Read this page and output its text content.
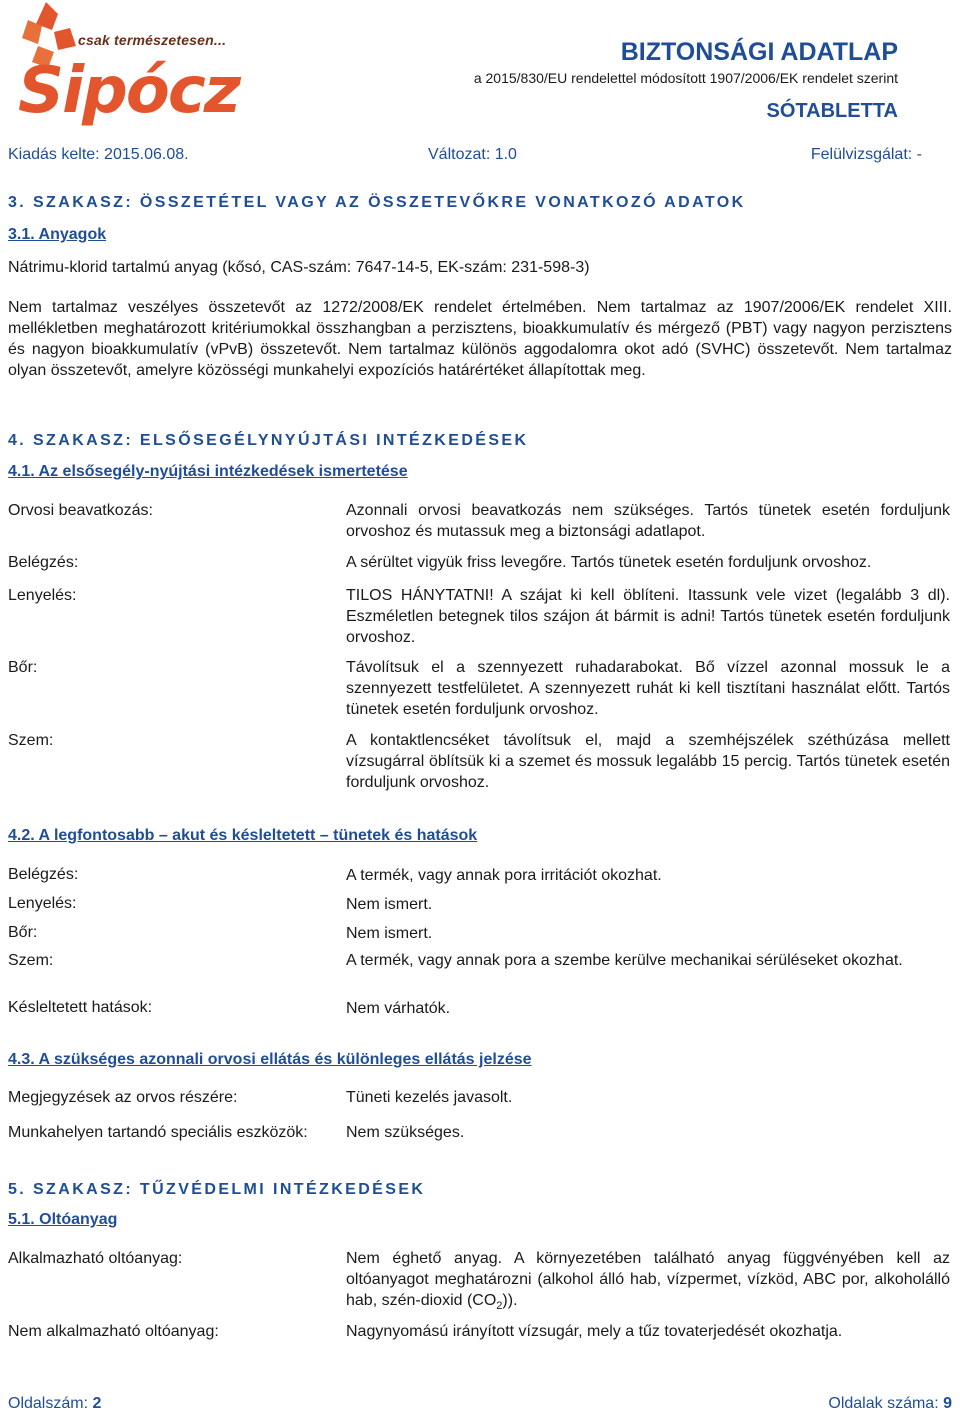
csak természetesen...
Sipócz
BIZTONSÁGI ADATLAP
a 2015/830/EU rendelettel módosított 1907/2006/EK rendelet szerint
SÓTABLETTA
Kiadás kelte: 2015.06.08.	Változat: 1.0	Felülvizsgálat: -
3. SZAKASZ: ÖSSZETÉTEL VAGY AZ ÖSSZETEVŐKRE VONATKOZÓ ADATOK
3.1. Anyagok
Nátrimu-klorid tartalmú anyag (kősó, CAS-szám: 7647-14-5, EK-szám: 231-598-3)
Nem tartalmaz veszélyes összetevőt az 1272/2008/EK rendelet értelmében. Nem tartalmaz az 1907/2006/EK rendelet XIII. mellékletben meghatározott kritériumokkal összhangban a perzisztens, bioakkumulatív és mérgező (PBT) vagy nagyon perzisztens és nagyon bioakkumulatív (vPvB) összetevőt. Nem tartalmaz különös aggodalomra okot adó (SVHC) összetevőt. Nem tartalmaz olyan összetevőt, amelyre közösségi munkahelyi expozíciós határértéket állapítottak meg.
4. SZAKASZ: ELSŐSEGÉLYNYÚJTÁSI INTÉZKEDÉSEK
4.1. Az elsősegély-nyújtási intézkedések ismertetése
Orvosi beavatkozás:	Azonnali orvosi beavatkozás nem szükséges. Tartós tünetek esetén forduljunk orvoshoz és mutassuk meg a biztonsági adatlapot.
Belégzés:	A sérültet vigyük friss levegőre. Tartós tünetek esetén forduljunk orvoshoz.
Lenyelés:	TILOS HÁNYTATNI! A szájat ki kell öblíteni. Itassunk vele vizet (legalább 3 dl). Eszméletlen betegnek tilos szájon át bármit is adni! Tartós tünetek esetén forduljunk orvoshoz.
Bőr:	Távolítsuk el a szennyezett ruhadarabokat. Bő vízzel azonnal mossuk le a szennyezett testfelületet. A szennyezett ruhát ki kell tisztítani használat előtt. Tartós tünetek esetén forduljunk orvoshoz.
Szem:	A kontaktlencséket távolítsuk el, majd a szemhéjszélek széthúzása mellett vízsugárral öblítsük ki a szemet és mossuk legalább 15 percig. Tartós tünetek esetén forduljunk orvoshoz.
4.2. A legfontosabb – akut és késleltetett – tünetek és hatások
Belégzés:	A termék, vagy annak pora irritációt okozhat.
Lenyelés:	Nem ismert.
Bőr:	Nem ismert.
Szem:	A termék, vagy annak pora a szembe kerülve mechanikai sérüléseket okozhat.
Késleltetett hatások:	Nem várhatók.
4.3. A szükséges azonnali orvosi ellátás és különleges ellátás jelzése
Megjegyzések az orvos részére:	Tüneti kezelés javasolt.
Munkahelyen tartandó speciális eszközök: Nem szükséges.
5. SZAKASZ: TŰZVÉDELMI INTÉZKEDÉSEK
5.1. Oltóanyag
Alkalmazható oltóanyag:	Nem éghető anyag. A környezetében található anyag függvényében kell az oltóanyagot meghatározni (alkohol álló hab, vízpermet, vízköd, ABC por, alkoholálló hab, szén-dioxid $(CO_2)$).
Nem alkalmazható oltóanyag:	Nagynyomású irányított vízsugár, mely a tűz tovaterjedését okozhatja.
Oldalszám: 2	Oldalak száma: 9
